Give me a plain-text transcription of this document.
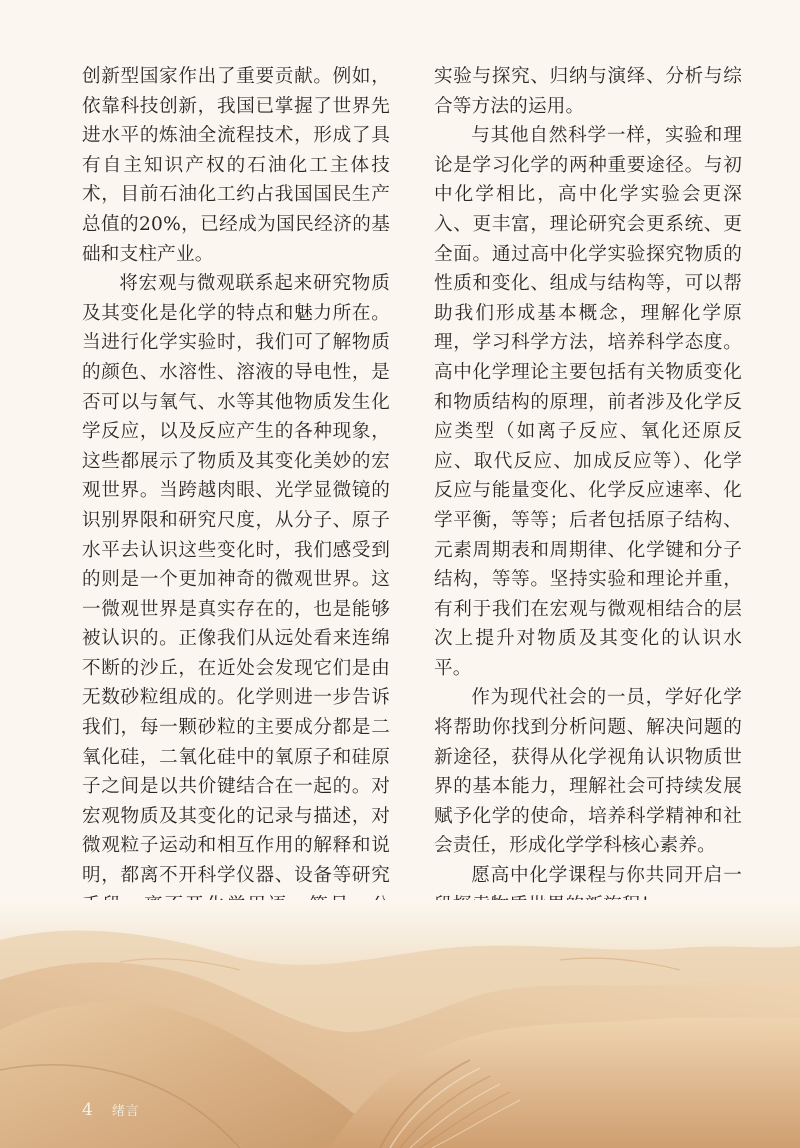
创新型国家作出了重要贡献。例如，依靠科技创新，我国已掌握了世界先进水平的炼油全流程技术，形成了具有自主知识产权的石油化工主体技术，目前石油化工约占我国国民生产总值的20%，已经成为国民经济的基础和支柱产业。

将宏观与微观联系起来研究物质及其变化是化学的特点和魅力所在。当进行化学实验时，我们可了解物质的颜色、水溶性、溶液的导电性，是否可以与氧气、水等其他物质发生化学反应，以及反应产生的各种现象，这些都展示了物质及其变化美妙的宏观世界。当跨越肉眼、光学显微镜的识别界限和研究尺度，从分子、原子水平去认识这些变化时，我们感受到的则是一个更加神奇的微观世界。这一微观世界是真实存在的，也是能够被认识的。正像我们从远处看来连绵不断的沙丘，在近处会发现它们是由无数砂粒组成的。化学则进一步告诉我们，每一颗砂粒的主要成分都是二氧化硅，二氧化硅中的氧原子和硅原子之间是以共价键结合在一起的。对宏观物质及其变化的记录与描述，对微观粒子运动和相互作用的解释和说明，都离不开科学仪器、设备等研究

实验与探究、归纳与演绎、分析与综合等方法的运用。

与其他自然科学一样，实验和理论是学习化学的两种重要途径。与初中化学相比，高中化学实验会更深入、更丰富，理论研究会更系统、更全面。通过高中化学实验探究物质的性质和变化、组成与结构等，可以帮助我们形成基本概念，理解化学原理，学习科学方法，培养科学态度。高中化学理论主要包括有关物质变化和物质结构的原理，前者涉及化学反应类型（如离子反应、氧化还原反应、取代反应、加成反应等）、化学反应与能量变化、化学反应速率、化学平衡，等等；后者包括原子结构、元素周期表和周期律、化学键和分子结构，等等。坚持实验和理论并重，有利于我们在宏观与微观相结合的层次上提升对物质及其变化的认识水平。

作为现代社会的一员，学好化学将帮助你找到分析问题、解决问题的新途径，获得从化学视角认识物质世界的基本能力，理解社会可持续发展赋予化学的使命，培养科学精神和社会责任，形成化学学科核心素养。

愿高中化学课程与你共同开启一

4 绪言
